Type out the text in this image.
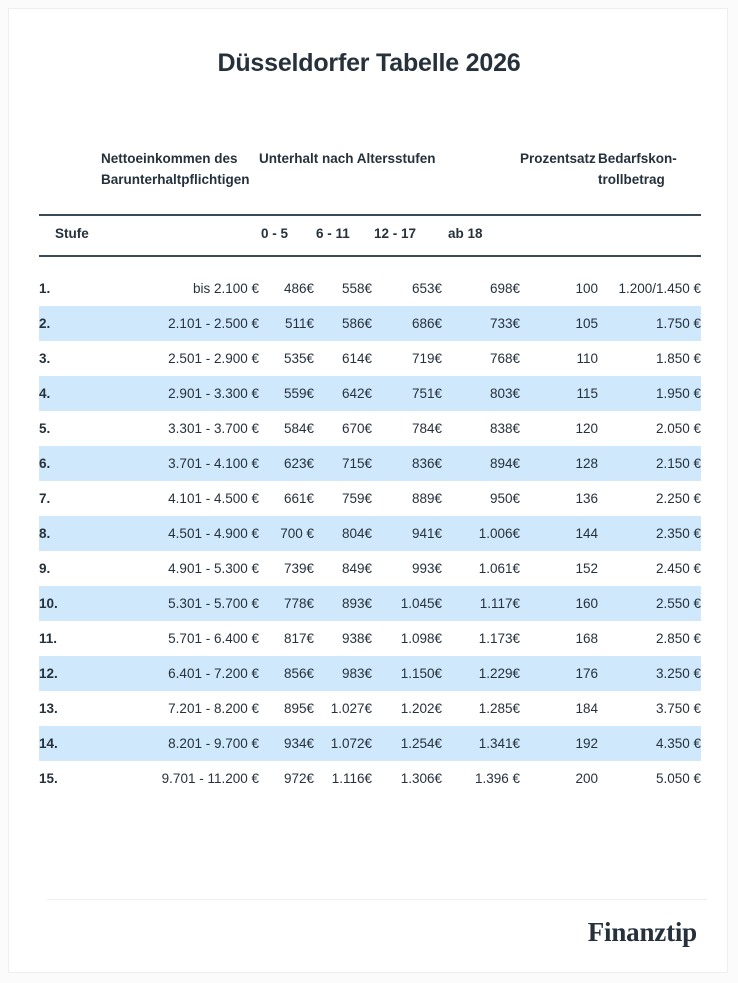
Düsseldorfer Tabelle 2026
	Nettoeinkommen des
Barunterhaltpflichtigen	Unterhalt nach Altersstufen				Prozentsatz	Bedarfskon-
trollbetrag
Stufe		0 - 5	6 - 11	12 - 17	ab 18		

1.	bis 2.100 €	486€	558€	653€	698€	100	1.200/1.450 €
2.	2.101 - 2.500 €	511€	586€	686€	733€	105	1.750 €
3.	2.501 - 2.900 €	535€	614€	719€	768€	110	1.850 €
4.	2.901 - 3.300 €	559€	642€	751€	803€	115	1.950 €
5.	3.301 - 3.700 €	584€	670€	784€	838€	120	2.050 €
6.	3.701 - 4.100 €	623€	715€	836€	894€	128	2.150 €
7.	4.101 - 4.500 €	661€	759€	889€	950€	136	2.250 €
8.	4.501 - 4.900 €	700 €	804€	941€	1.006€	144	2.350 €
9.	4.901 - 5.300 €	739€	849€	993€	1.061€	152	2.450 €
10.	5.301 - 5.700 €	778€	893€	1.045€	1.117€	160	2.550 €
11.	5.701 - 6.400 €	817€	938€	1.098€	1.173€	168	2.850 €
12.	6.401 - 7.200 €	856€	983€	1.150€	1.229€	176	3.250 €
13.	7.201 - 8.200 €	895€	1.027€	1.202€	1.285€	184	3.750 €
14.	8.201 - 9.700 €	934€	1.072€	1.254€	1.341€	192	4.350 €
15.	9.701 - 11.200 €	972€	1.116€	1.306€	1.396 €	200	5.050 €
Finanztip
